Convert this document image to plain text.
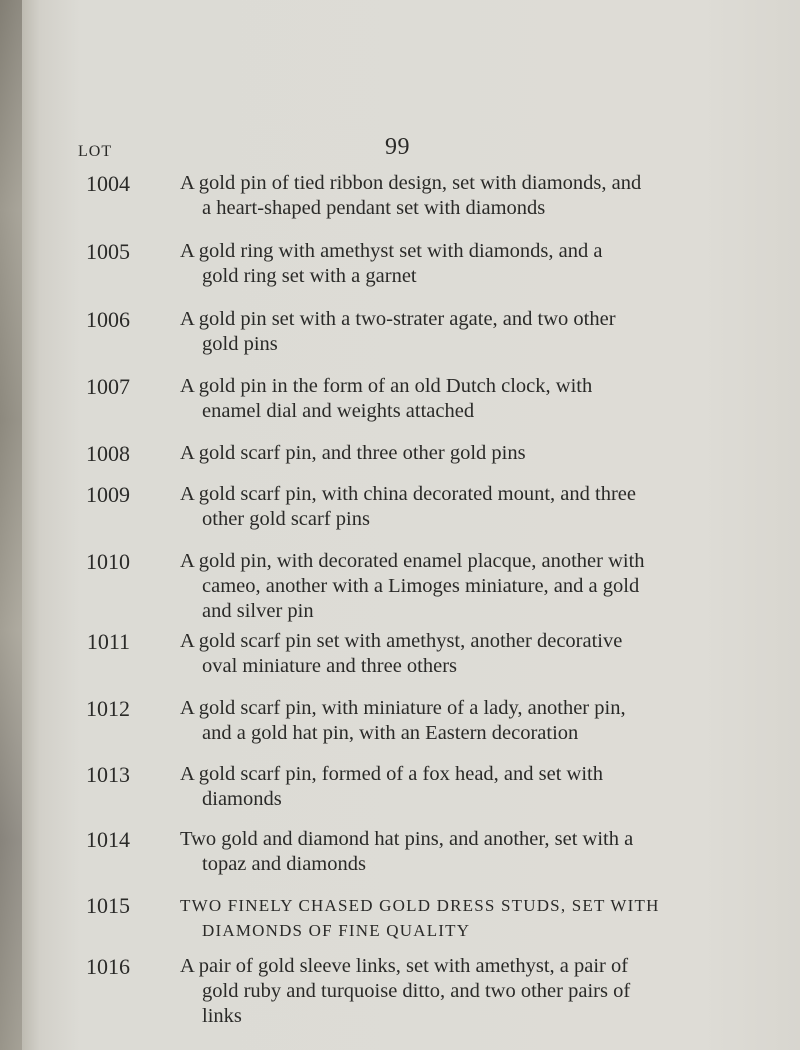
99
LOT
1004 A gold pin of tied ribbon design, set with diamonds, and
a heart-shaped pendant set with diamonds
1005 A gold ring with amethyst set with diamonds, and a
gold ring set with a garnet
1006 A gold pin set with a two-strater agate, and two other
gold pins
1007 A gold pin in the form of an old Dutch clock, with
enamel dial and weights attached
1008 A gold scarf pin, and three other gold pins
1009 A gold scarf pin, with china decorated mount, and three
other gold scarf pins
1010 A gold pin, with decorated enamel placque, another with
cameo, another with a Limoges miniature, and a gold
and silver pin
1011 A gold scarf pin set with amethyst, another decorative
oval miniature and three others
1012 A gold scarf pin, with miniature of a lady, another pin,
and a gold hat pin, with an Eastern decoration
1013 A gold scarf pin, formed of a fox head, and set with
diamonds
1014 Two gold and diamond hat pins, and another, set with a
topaz and diamonds
1015	TWO FINELY CHASED GOLD DRESS STUDS, SET WITH
DIAMONDS OF FINE QUALITY
1016 A pair of gold sleeve links, set with amethyst, a pair of
gold ruby and turquoise ditto, and two other pairs of
links
